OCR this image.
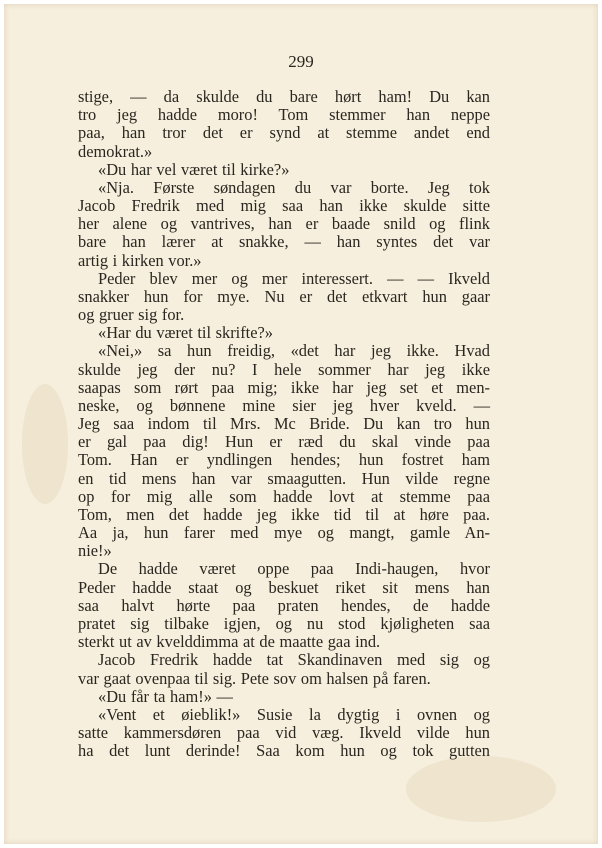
299
stige, — da skulde du bare hørt ham! Du kan
tro jeg hadde moro! Tom stemmer han neppe
paa, han tror det er synd at stemme andet end
demokrat.»
«Du har vel været til kirke?»
«Nja. Første søndagen du var borte. Jeg tok
Jacob Fredrik med mig saa han ikke skulde sitte
her alene og vantrives, han er baade snild og flink
bare han lærer at snakke, — han syntes det var
artig i kirken vor.»
Peder blev mer og mer interessert. — — Ikveld
snakker hun for mye. Nu er det etkvart hun gaar
og gruer sig for.
«Har du været til skrifte?»
«Nei,» sa hun freidig, «det har jeg ikke. Hvad
skulde jeg der nu? I hele sommer har jeg ikke
saapas som rørt paa mig; ikke har jeg set et men-
neske, og bønnene mine sier jeg hver kveld. —
Jeg saa indom til Mrs. Mc Bride. Du kan tro hun
er gal paa dig! Hun er ræd du skal vinde paa
Tom. Han er yndlingen hendes; hun fostret ham
en tid mens han var smaagutten. Hun vilde regne
op for mig alle som hadde lovt at stemme paa
Tom, men det hadde jeg ikke tid til at høre paa.
Aa ja, hun farer med mye og mangt, gamle An-
nie!»
De hadde været oppe paa Indi-haugen, hvor
Peder hadde staat og beskuet riket sit mens han
saa halvt hørte paa praten hendes, de hadde
pratet sig tilbake igjen, og nu stod kjøligheten saa
sterkt ut av kvelddimma at de maatte gaa ind.
Jacob Fredrik hadde tat Skandinaven med sig og
var gaat ovenpaa til sig. Pete sov om halsen på faren.
«Du får ta ham!» —
«Vent et øieblik!» Susie la dygtig i ovnen og
satte kammersdøren paa vid væg. Ikveld vilde hun
ha det lunt derinde! Saa kom hun og tok gutten
